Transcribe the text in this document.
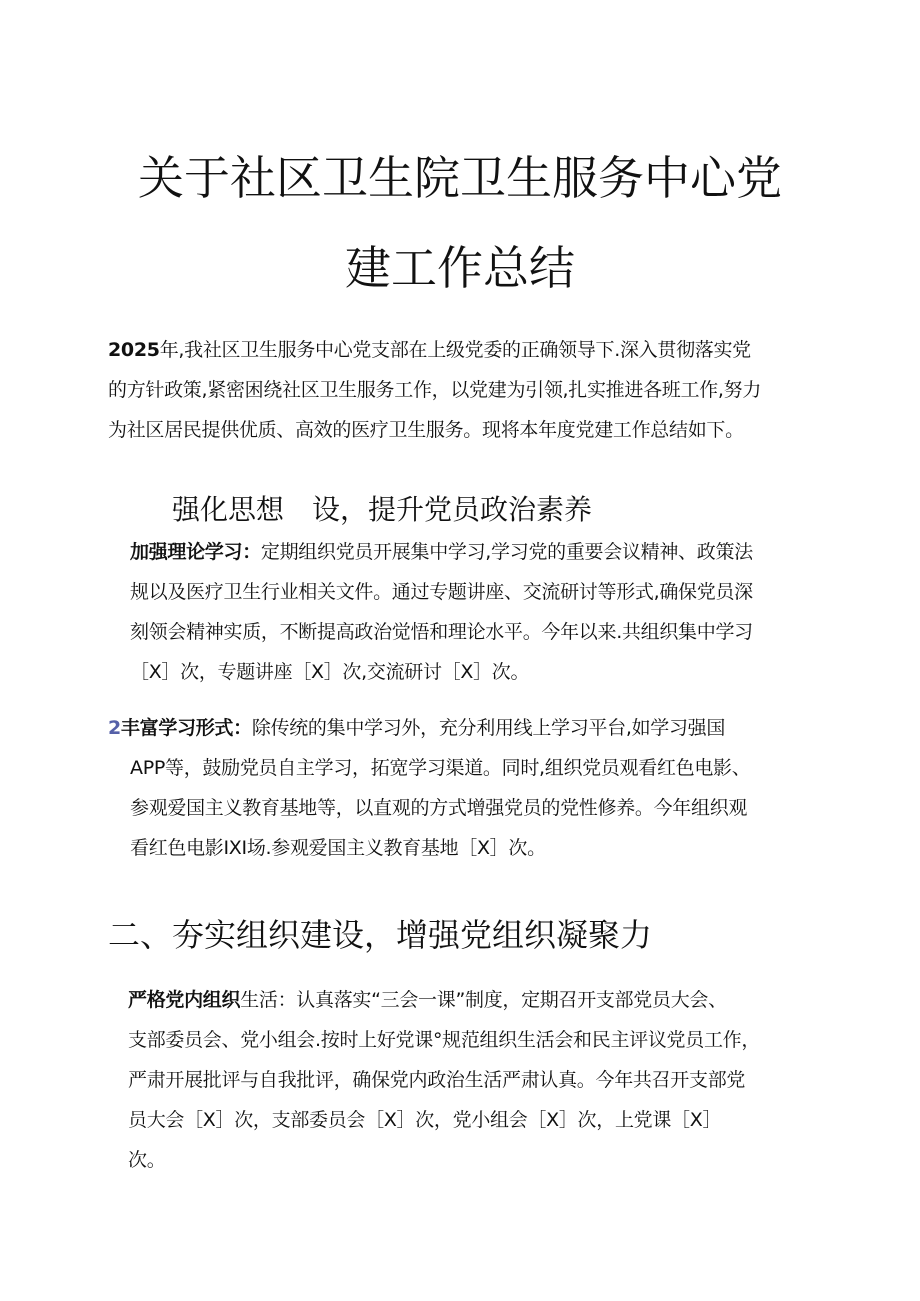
关于社区卫生院卫生服务中心党
建工作总结
2025年,我社区卫生服务中心党支部在上级党委的正确领导下.深入贯彻落实党
的方针政策,紧密困绕社区卫生服务工作，以党建为引领,扎实推进各班工作,努力
为社区居民提供优质、高效的医疗卫生服务。现将本年度党建工作总结如下。
强化思想　设，提升党员政治素养
加强理论学习：定期组织党员开展集中学习,学习党的重要会议精神、政策法
规以及医疗卫生行业相关文件。通过专题讲座、交流研讨等形式,确保党员深
刻领会精神实质，不断提高政治觉悟和理论水平。今年以来.共组织集中学习
［X］次，专题讲座［X］次,交流研讨［X］次。
2丰富学习形式：除传统的集中学习外，充分利用线上学习平台,如学习强国
APP等，鼓励党员自主学习，拓宽学习渠道。同时,组织党员观看红色电影、
参观爱国主义教育基地等，以直观的方式增强党员的党性修养。今年组织观
看红色电影IXI场.参观爱国主义教育基地［X］次。
二、夯实组织建设，增强党组织凝聚力
严格党内组织生活：认真落实“三会一课”制度，定期召开支部党员大会、
支部委员会、党小组会.按时上好党课°规范组织生活会和民主评议党员工作，
严肃开展批评与自我批评，确保党内政治生活严肃认真。今年共召开支部党
员大会［X］次，支部委员会［X］次，党小组会［X］次，上党课［X］
次。
